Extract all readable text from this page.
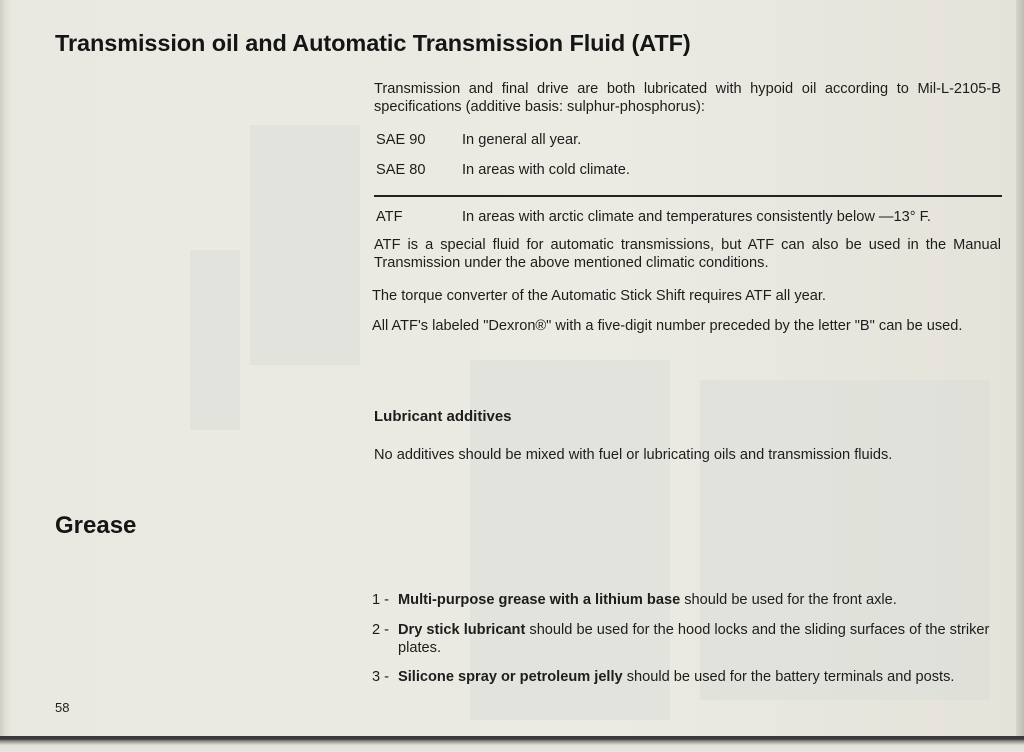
Transmission oil and Automatic Transmission Fluid (ATF)
Transmission and final drive are both lubricated with hypoid oil according to Mil-L-2105-B specifications (additive basis: sulphur-phosphorus):
SAE 90	In general all year.
SAE 80	In areas with cold climate.
ATF	In areas with arctic climate and temperatures consistently below —13° F.
ATF is a special fluid for automatic transmissions, but ATF can also be used in the Manual Transmission under the above mentioned climatic conditions.
The torque converter of the Automatic Stick Shift requires ATF all year.
All ATF's labeled "Dexron®" with a five-digit number preceded by the letter "B" can be used.
Lubricant additives
No additives should be mixed with fuel or lubricating oils and transmission fluids.
Grease
1 - Multi-purpose grease with a lithium base should be used for the front axle.
2 - Dry stick lubricant should be used for the hood locks and the sliding surfaces of the striker plates.
3 - Silicone spray or petroleum jelly should be used for the battery terminals and posts.
58
